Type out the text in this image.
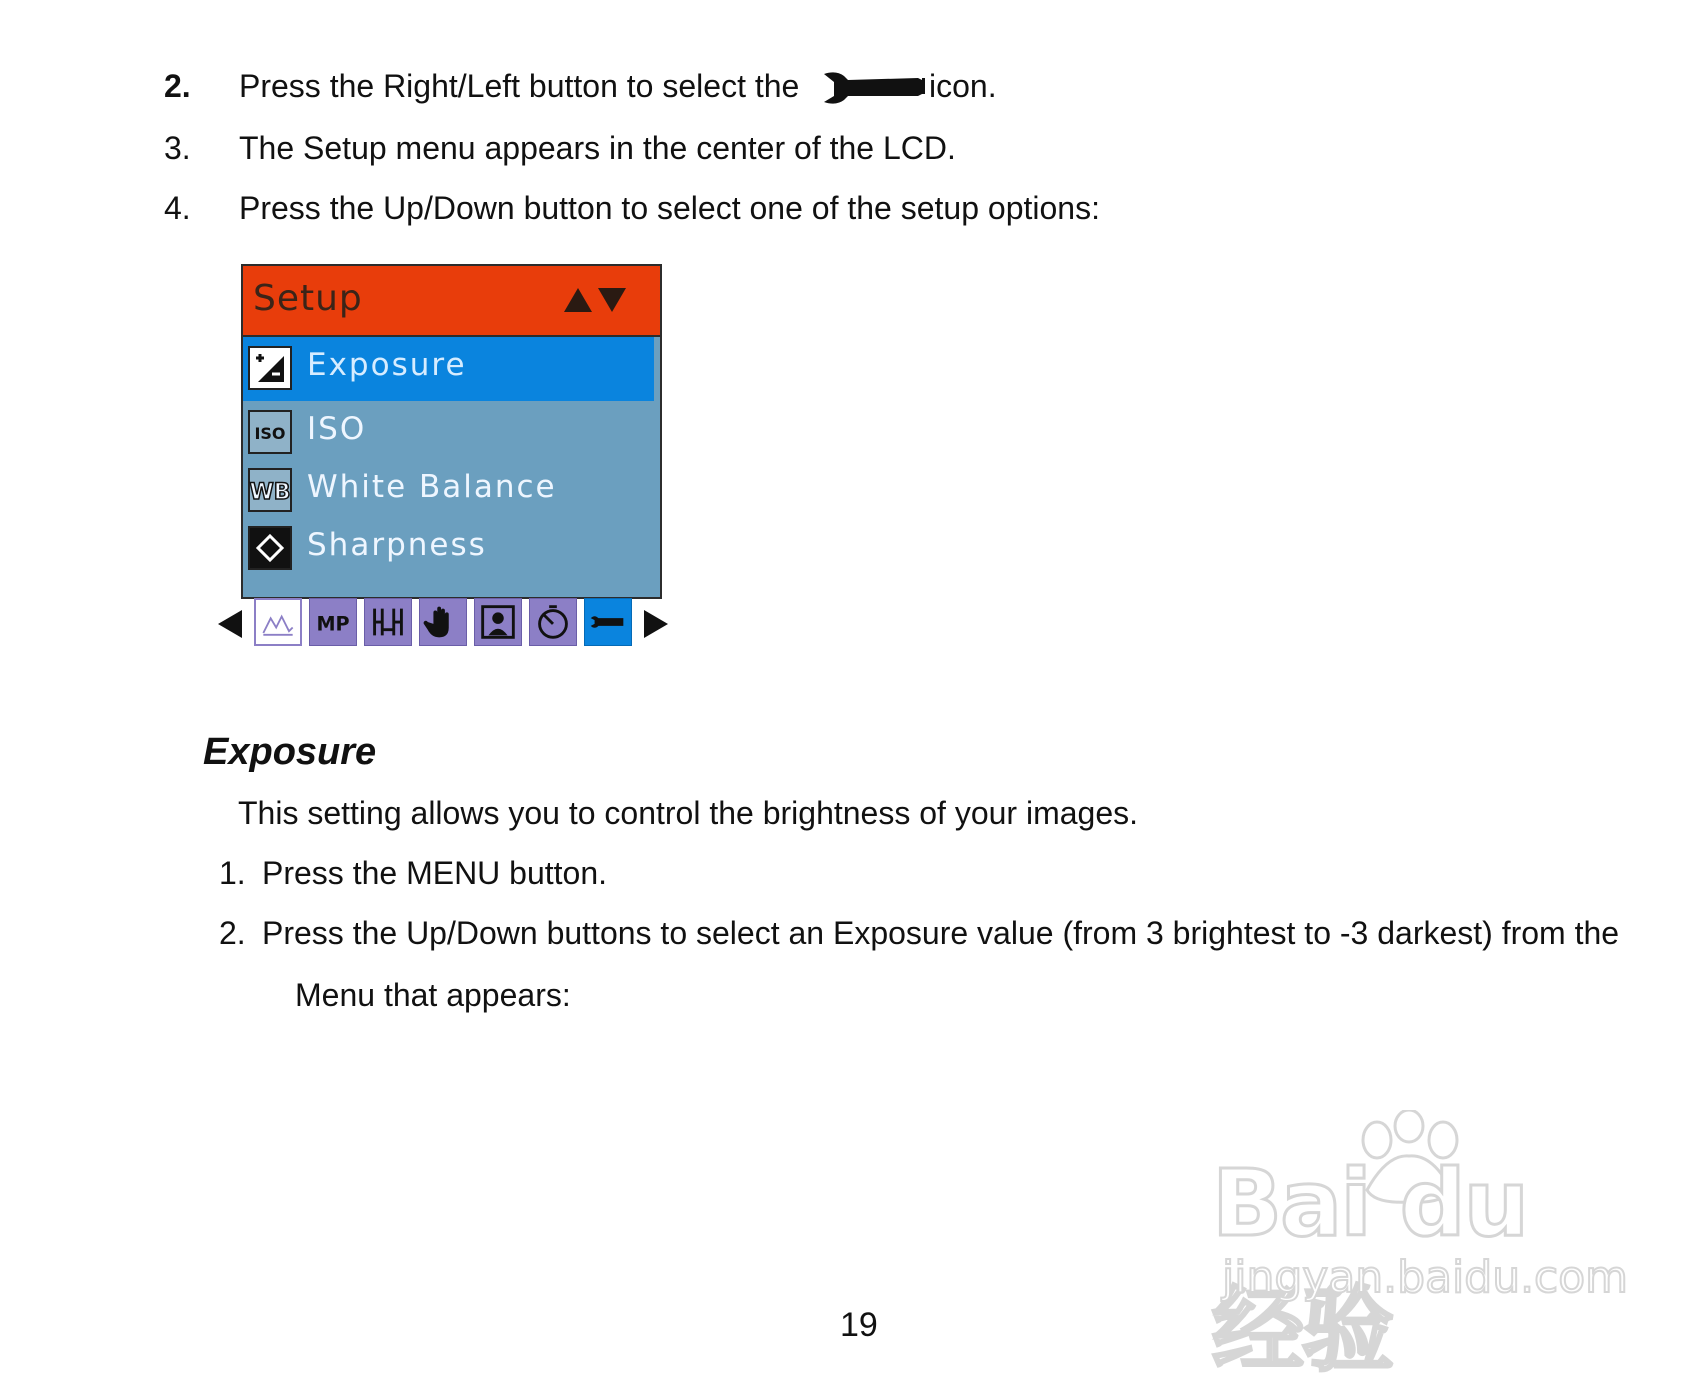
2. Press the Right/Left button to select the	icon.
3. The Setup menu appears in the center of the LCD.
4. Press the Up/Down button to select one of the setup options:
Setup
Exposure
ISO ISO
WB White Balance
Sharpness
MP
Exposure
This setting allows you to control the brightness of your images.
1. Press the MENU button.
2. Press the Up/Down buttons to select an Exposure value (from 3 brightest to -3 darkest) from the
Menu that appears:
Bai du 经验
jingyan.baidu.com
19
